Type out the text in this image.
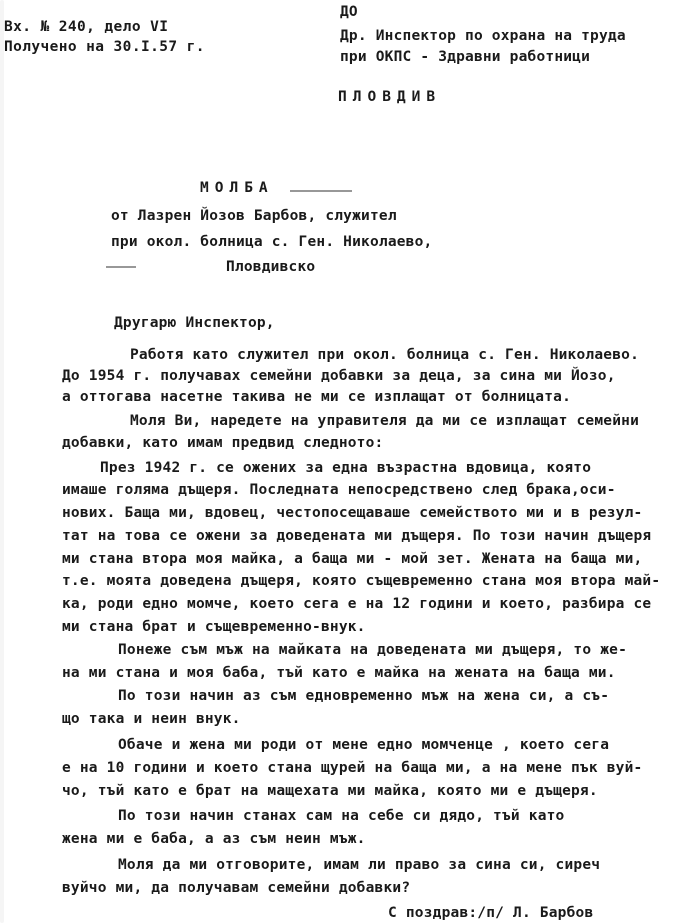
Вх. № 240, дело VI
Получено на 30.I.57 г.
ДО
Др. Инспектор по охрана на труда
при ОКПС - Здравни работници
ПЛОВДИВ
МОЛБА
от Лазрен Йозов Барбов, служител
при окол. болница с. Ген. Николаево,
Пловдивско
Другарю Инспектор,
Работя като служител при окол. болница с. Ген. Николаево.
До 1954 г. получавах семейни добавки за деца, за сина ми Йозо,
а оттогава насетне такива не ми се изплащат от болницата.
Моля Ви, наредете на управителя да ми се изплащат семейни
добавки, като имам предвид следното:
През 1942 г. се ожених за една възрастна вдовица, която
имаше голяма дъщеря. Последната непосредствено след брака,оси-
нових. Баща ми, вдовец, честопосещаваше семейството ми и в резул-
тат на това се ожени за доведената ми дъщеря. По този начин дъщеря
ми стана втора моя майка, а баща ми - мой зет. Жената на баща ми,
т.е. моята доведена дъщеря, която същевременно стана моя втора май-
ка, роди едно момче, което сега е на 12 години и което, разбира се
ми стана брат и същевременно-внук.
Понеже съм мъж на майката на доведената ми дъщеря, то же-
на ми стана и моя баба, тъй като е майка на жената на баща ми.
По този начин аз съм едновременно мъж на жена си, а съ-
що така и неин внук.
Обаче и жена ми роди от мене едно момченце , което сега
е на 10 години и което стана щурей на баща ми, а на мене пък вуй-
чо, тъй като е брат на мащехата ми майка, която ми е дъщеря.
По този начин станах сам на себе си дядо, тъй като
жена ми е баба, а аз съм неин мъж.
Моля да ми отговорите, имам ли право за сина си, сиреч
вуйчо ми, да получавам семейни добавки?
С поздрав:/п/ Л. Барбов
